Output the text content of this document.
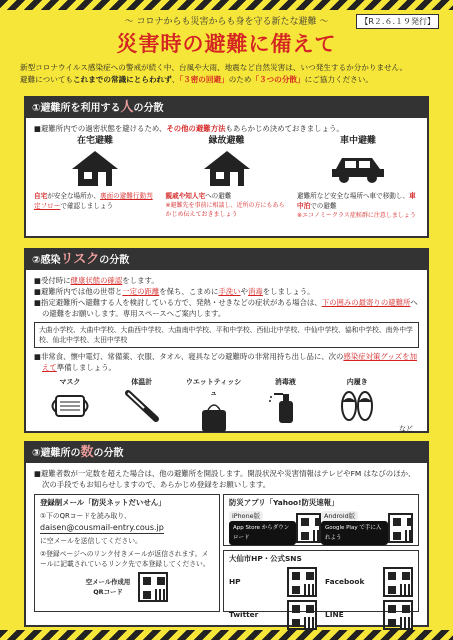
～ コロナからも災害からも身を守る新たな避難 ～	【R２.６.１９発行】
災害時の避難に備えて
新型コロナウイルス感染症への警戒が続く中、台風や大雨、地震など自然災害は、いつ発生するか分かりません。
避難についてもこれまでの常識にとらわれず、「３密の回避」のため「３つの分散」にご協力ください。
①避難所を利用する人の分散
■避難所内での過密状態を避けるため、その他の避難方法もあらかじめ決めておきましょう。
在宅避難
自宅が安全な場所か、裏面の避難行動判定フローで確認しましょう
縁故避難
親戚や知人宅への避難
※避難先を事前に相談し、近所の方にもあらかじめ伝えておきましょう
車中避難
避難所など安全な場所へ車で移動し、車中泊での避難
※エコノミークラス症候群に注意しましょう
②感染リスクの分散
■受付時に健康状態の確認をします。
■避難所内では他の世帯と一定の距離を保ち、こまめに手洗いや消毒をしましょう。
■指定避難所へ避難する人を検討している方で、発熱・せきなどの症状がある場合は、下の囲みの最寄りの避難所への避難をお願いします。専用スペースへご案内します。
大曲小学校、大曲中学校、大曲西中学校、大曲南中学校、平和中学校、西仙北中学校、中仙中学校、協和中学校、南外中学校、仙北中学校、太田中学校
■非常食、懐中電灯、常備薬、衣服、タオル、寝具などの避難時の非常用持ち出し品に、次の感染症対策グッズを加えて準備しましょう。
マスク	体温計	ウエットティッシュ
消毒液	内履き
など
③避難所の数の分散
■避難者数が一定数を超えた場合は、他の避難所を開設します。開設状況や災害情報はテレビやFM はなびのほか、次の手段でもお知らせしますので、あらかじめ登録をお願いします。
登録制メール「防災ネットだいせん」
①下のQRコードを読み取り、
daisen@cousmail-entry.cous.jp
に空メールを送信してください。
②登録ページへのリンク付きメールが返信されます。メールに記載されているリンク先で本登録してください。
空メール作成用
QRコード
防災アプリ「Yahoo!防災速報」
iPhone版
App Store からダウンロード
Android版
Google Play で手に入れよう
大仙市HP・公式SNS
HP	Facebook
Twitter	LINE
